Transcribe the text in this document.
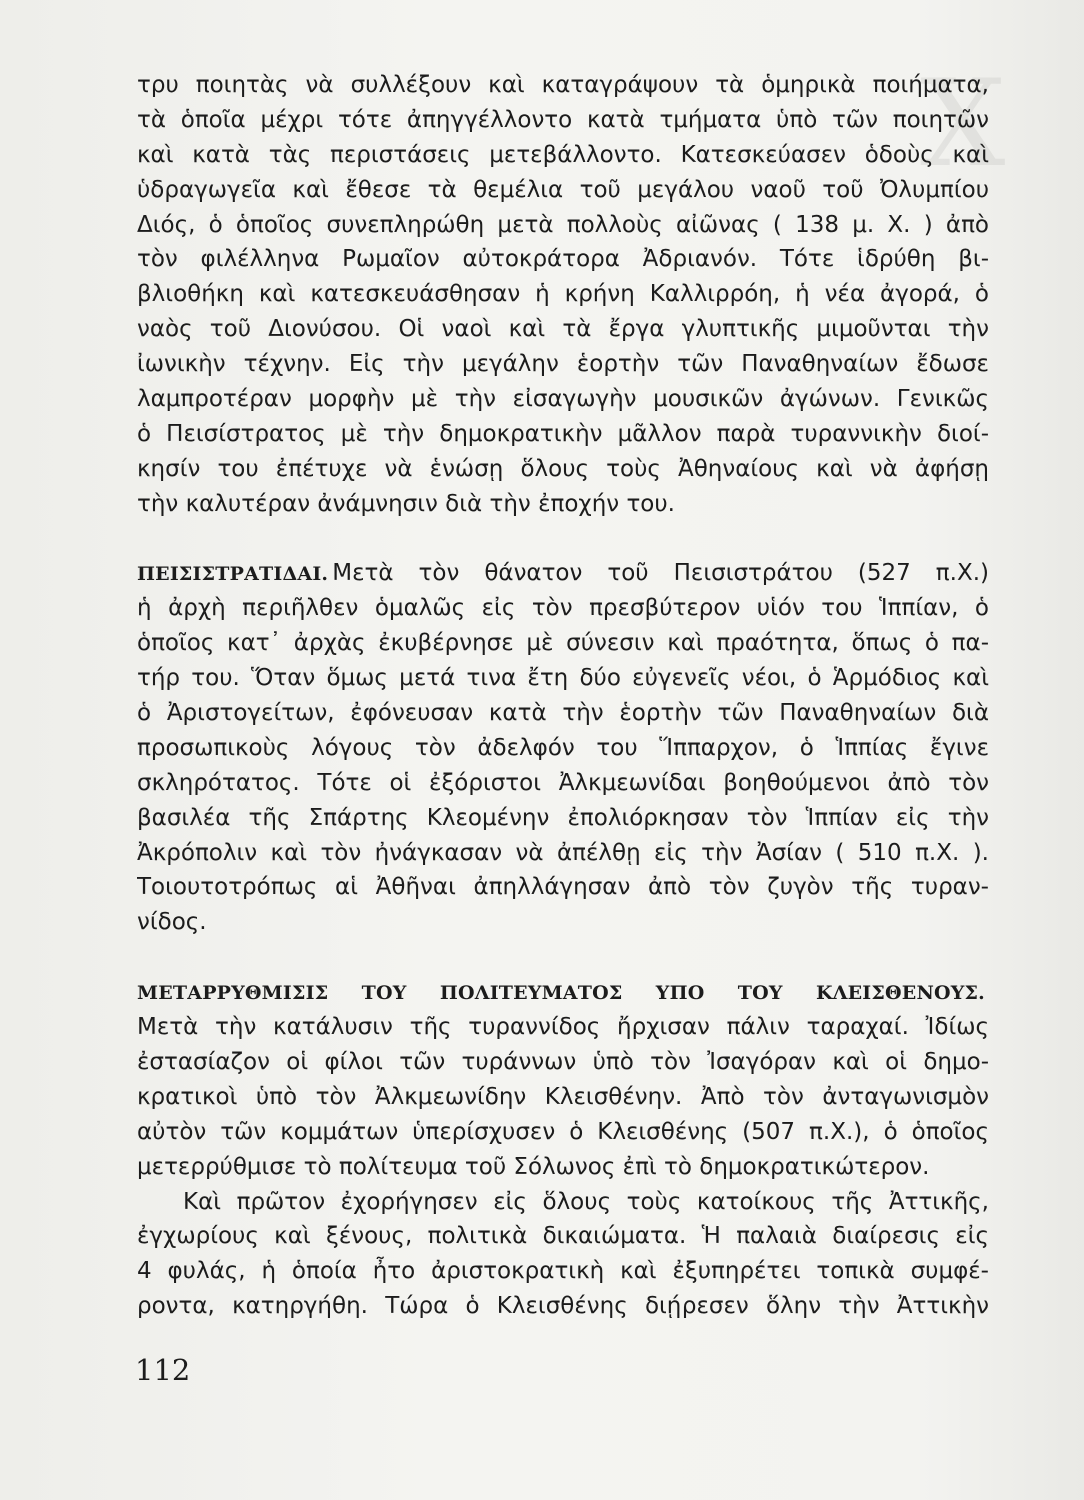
X
τρυ ποιητὰς νὰ συλλέξουν καὶ καταγράψουν τὰ ὁμηρικὰ ποιήματα,
τὰ ὁποῖα μέχρι τότε ἀπηγγέλλοντο κατὰ τμήματα ὑπὸ τῶν ποιητῶν
καὶ κατὰ τὰς περιστάσεις μετεβάλλοντο. Κατεσκεύασεν ὁδοὺς καὶ
ὑδραγωγεῖα καὶ ἔθεσε τὰ θεμέλια τοῦ μεγάλου ναοῦ τοῦ Ὀλυμπίου
Διός, ὁ ὁποῖος συνεπληρώθη μετὰ πολλοὺς αἰῶνας ( 138 μ. Χ. ) ἀπὸ
τὸν φιλέλληνα Ρωμαῖον αὐτοκράτορα Ἀδριανόν. Τότε ἱδρύθη βι-
βλιοθήκη καὶ κατεσκευάσθησαν ἡ κρήνη Καλλιρρόη, ἡ νέα ἀγορά, ὁ
ναὸς τοῦ Διονύσου. Οἱ ναοὶ καὶ τὰ ἔργα γλυπτικῆς μιμοῦνται τὴν
ἰωνικὴν τέχνην. Εἰς τὴν μεγάλην ἑορτὴν τῶν Παναθηναίων ἔδωσε
λαμπροτέραν μορφὴν μὲ τὴν εἰσαγωγὴν μουσικῶν ἀγώνων. Γενικῶς
ὁ Πεισίστρατος μὲ τὴν δημοκρατικὴν μᾶλλον παρὰ τυραννικὴν διοί-
κησίν του ἐπέτυχε νὰ ἑνώσῃ ὅλους τοὺς Ἀθηναίους καὶ νὰ ἀφήσῃ
τὴν καλυτέραν ἀνάμνησιν διὰ τὴν ἐποχήν του.
ΠΕΙΣΙΣΤΡΑΤΙΔΑΙ. Μετὰ τὸν θάνατον τοῦ Πεισιστράτου (527 π.Χ.)
ἡ ἀρχὴ περιῆλθεν ὁμαλῶς εἰς τὸν πρεσβύτερον υἱόν του Ἱππίαν, ὁ
ὁποῖος κατ᾽ ἀρχὰς ἐκυβέρνησε μὲ σύνεσιν καὶ πραότητα, ὅπως ὁ πα-
τήρ του. Ὅταν ὅμως μετά τινα ἔτη δύο εὐγενεῖς νέοι, ὁ Ἁρμόδιος καὶ
ὁ Ἀριστογείτων, ἐφόνευσαν κατὰ τὴν ἑορτὴν τῶν Παναθηναίων διὰ
προσωπικοὺς λόγους τὸν ἀδελφόν του Ἵππαρχον, ὁ Ἱππίας ἔγινε
σκληρότατος. Τότε οἱ ἐξόριστοι Ἀλκμεωνίδαι βοηθούμενοι ἀπὸ τὸν
βασιλέα τῆς Σπάρτης Κλεομένην ἐπολιόρκησαν τὸν Ἱππίαν εἰς τὴν
Ἀκρόπολιν καὶ τὸν ἠνάγκασαν νὰ ἀπέλθῃ εἰς τὴν Ἀσίαν ( 510 π.Χ. ).
Τοιουτοτρόπως αἱ Ἀθῆναι ἀπηλλάγησαν ἀπὸ τὸν ζυγὸν τῆς τυραν-
νίδος.
ΜΕΤΑΡΡΥΘΜΙΣΙΣ ΤΟΥ ΠΟΛΙΤΕΥΜΑΤΟΣ ΥΠΟ ΤΟΥ ΚΛΕΙΣΘΕΝΟΥΣ.
Μετὰ τὴν κατάλυσιν τῆς τυραννίδος ἤρχισαν πάλιν ταραχαί. Ἰδίως
ἐστασίαζον οἱ φίλοι τῶν τυράννων ὑπὸ τὸν Ἰσαγόραν καὶ οἱ δημο-
κρατικοὶ ὑπὸ τὸν Ἀλκμεωνίδην Κλεισθένην. Ἀπὸ τὸν ἀνταγωνισμὸν
αὐτὸν τῶν κομμάτων ὑπερίσχυσεν ὁ Κλεισθένης (507 π.Χ.), ὁ ὁποῖος
μετερρύθμισε τὸ πολίτευμα τοῦ Σόλωνος ἐπὶ τὸ δημοκρατικώτερον.
Καὶ πρῶτον ἐχορήγησεν εἰς ὅλους τοὺς κατοίκους τῆς Ἀττικῆς,
ἐγχωρίους καὶ ξένους, πολιτικὰ δικαιώματα. Ἡ παλαιὰ διαίρεσις εἰς
4 φυλάς, ἡ ὁποία ἦτο ἀριστοκρατικὴ καὶ ἐξυπηρέτει τοπικὰ συμφέ-
ροντα, κατηργήθη. Τώρα ὁ Κλεισθένης διῄρεσεν ὅλην τὴν Ἀττικὴν
112
